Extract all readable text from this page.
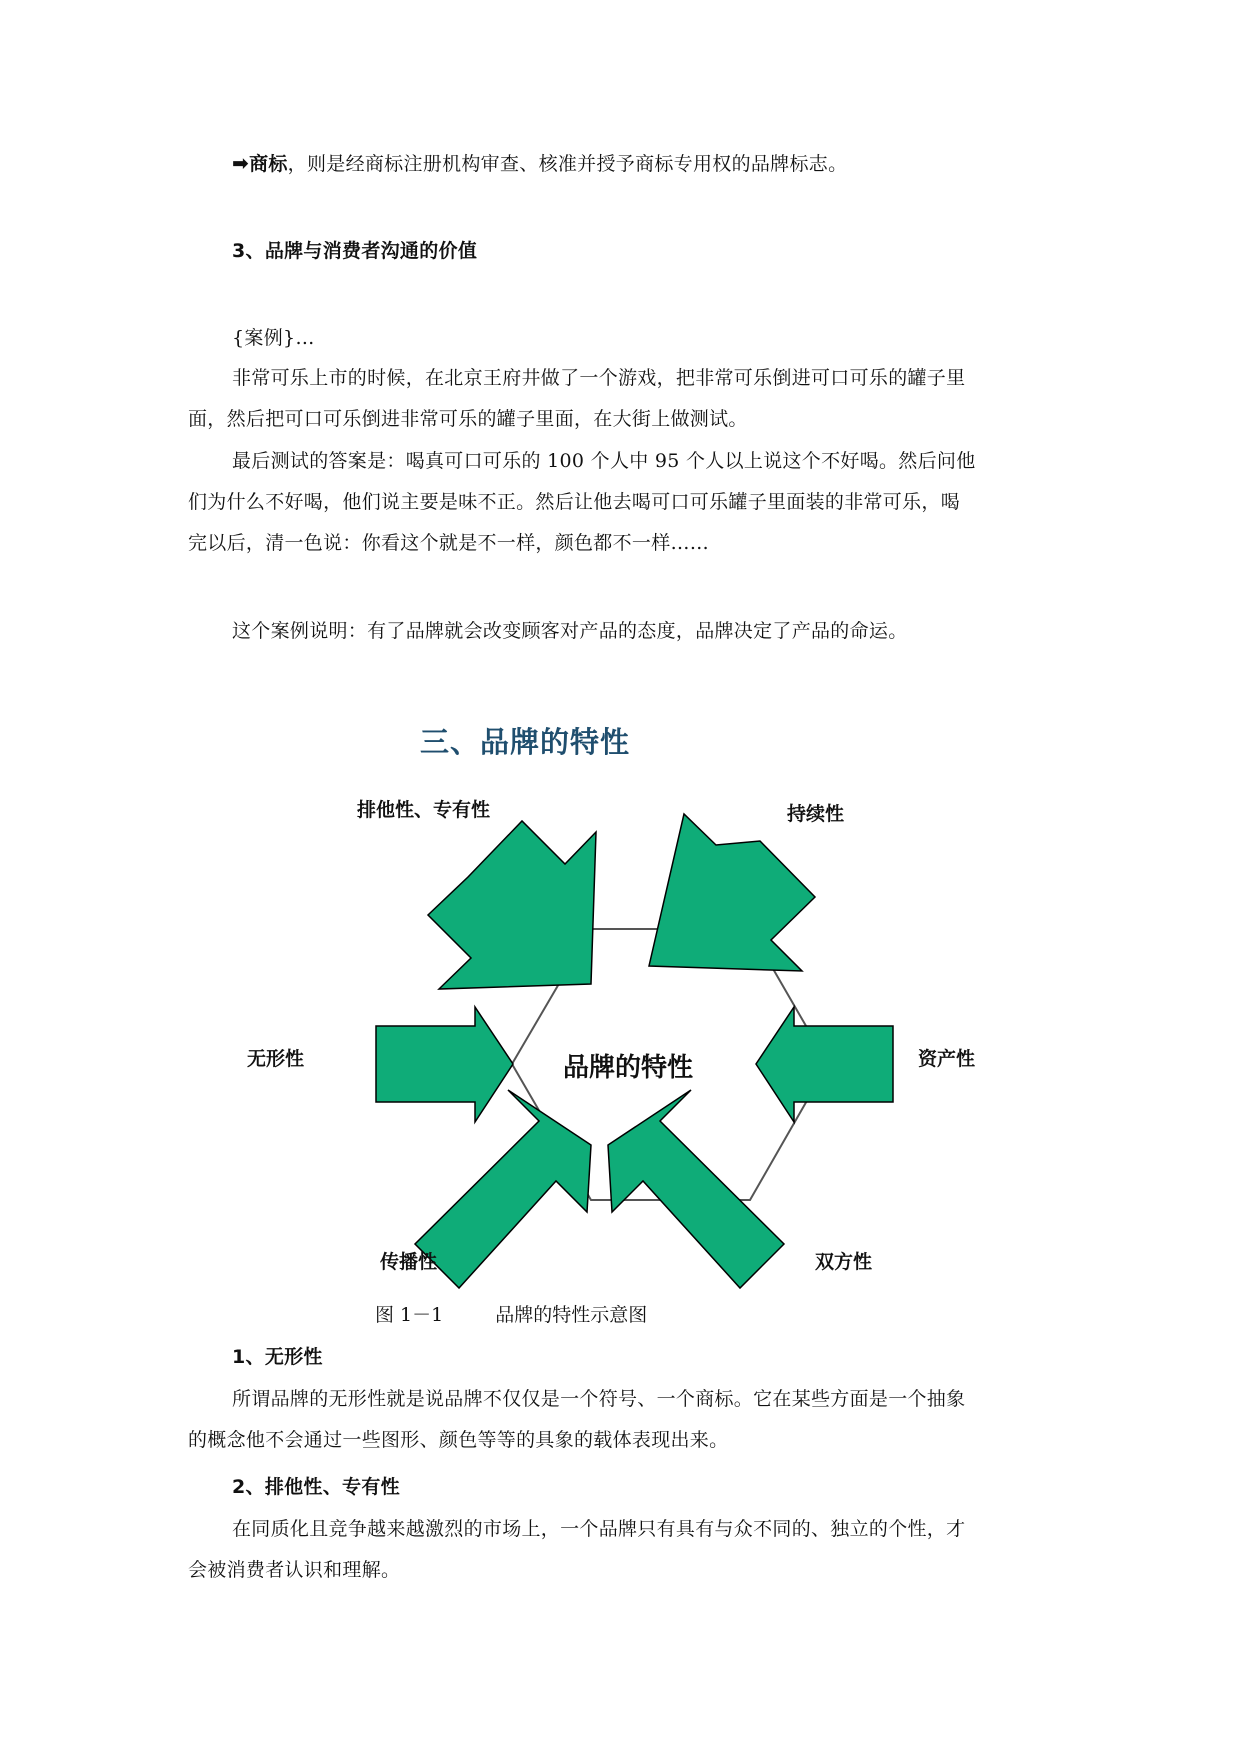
➡商标，则是经商标注册机构审查、核准并授予商标专用权的品牌标志。
3、品牌与消费者沟通的价值
{案例}…
非常可乐上市的时候，在北京王府井做了一个游戏，把非常可乐倒进可口可乐的罐子里
面，然后把可口可乐倒进非常可乐的罐子里面，在大街上做测试。
最后测试的答案是：喝真可口可乐的 100 个人中 95 个人以上说这个不好喝。然后问他
们为什么不好喝，他们说主要是味不正。然后让他去喝可口可乐罐子里面装的非常可乐，喝
完以后，清一色说：你看这个就是不一样，颜色都不一样……
这个案例说明：有了品牌就会改变顾客对产品的态度，品牌决定了产品的命运。
三、品牌的特性
排他性、专有性	持续性
无形性	资产性
传播性	双方性
品牌的特性
图 1－1	品牌的特性示意图
1、无形性
所谓品牌的无形性就是说品牌不仅仅是一个符号、一个商标。它在某些方面是一个抽象
的概念他不会通过一些图形、颜色等等的具象的载体表现出来。
2、排他性、专有性
在同质化且竞争越来越激烈的市场上，一个品牌只有具有与众不同的、独立的个性，才
会被消费者认识和理解。
